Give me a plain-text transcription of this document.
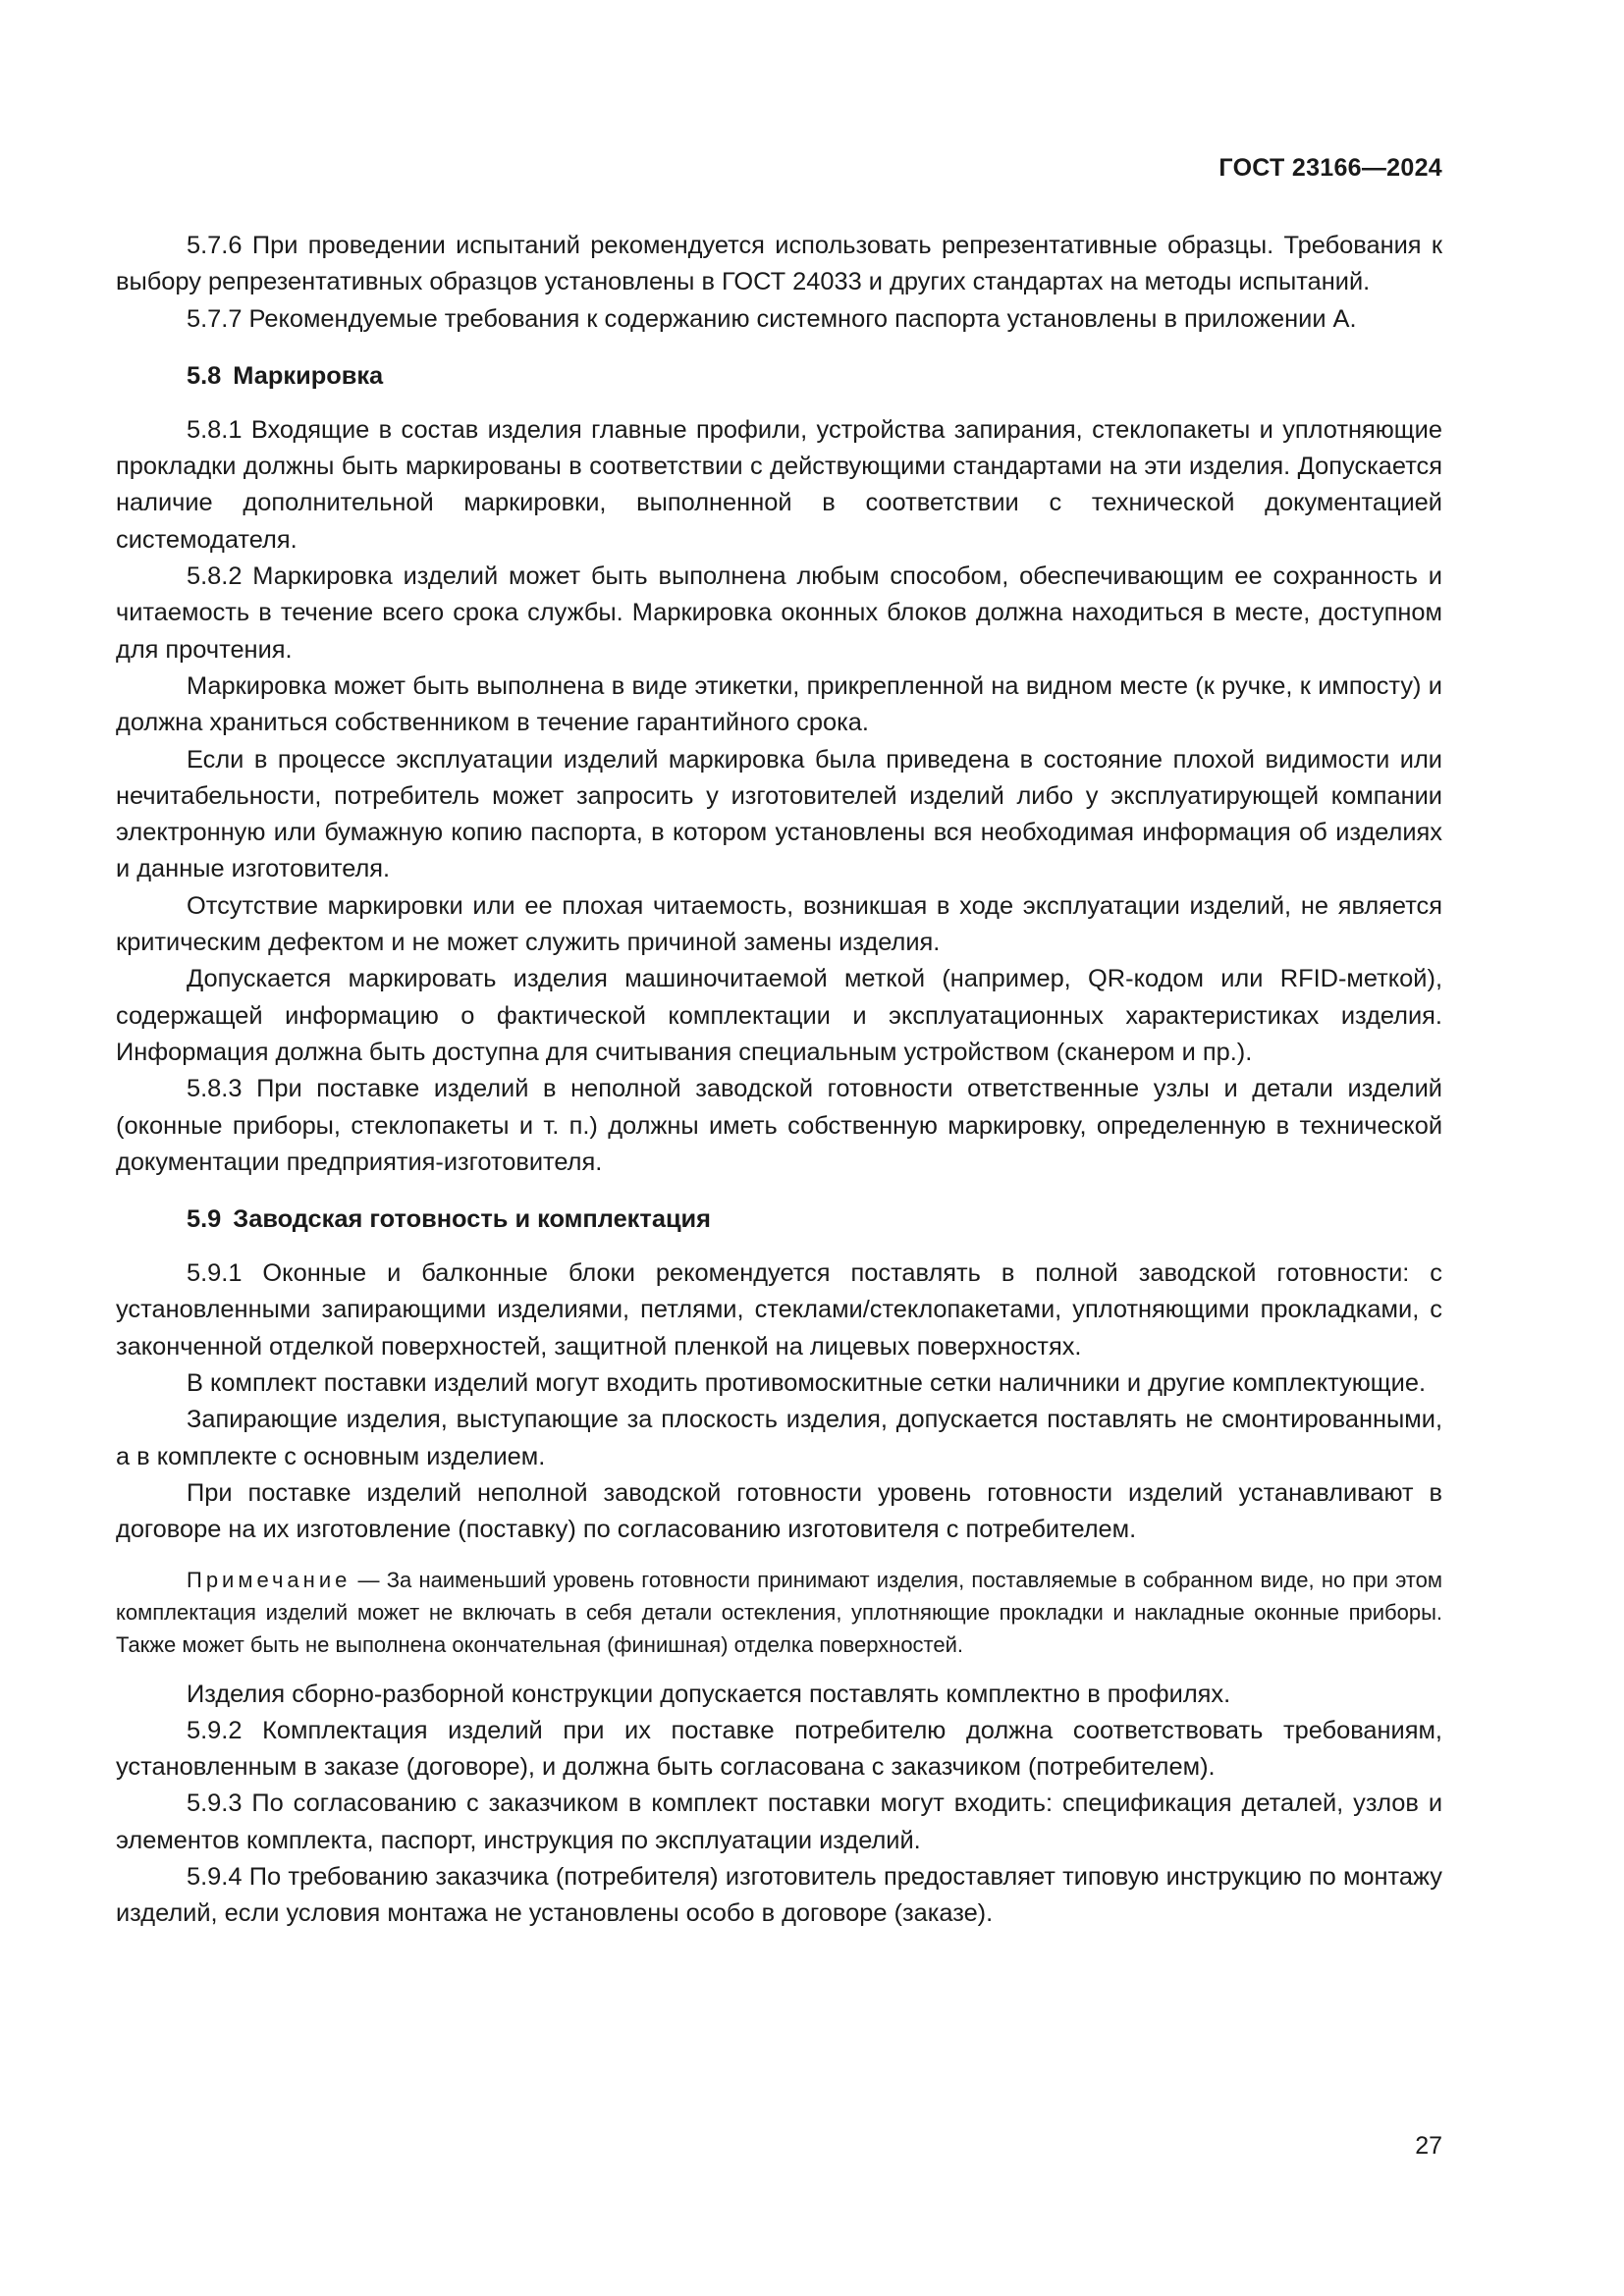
ГОСТ 23166—2024

5.7.6 При проведении испытаний рекомендуется использовать репрезентативные образцы. Требования к выбору репрезентативных образцов установлены в ГОСТ 24033 и других стандартах на методы испытаний.

5.7.7 Рекомендуемые требования к содержанию системного паспорта установлены в приложении А.

5.8 Маркировка

5.8.1 Входящие в состав изделия главные профили, устройства запирания, стеклопакеты и уплотняющие прокладки должны быть маркированы в соответствии с действующими стандартами на эти изделия. Допускается наличие дополнительной маркировки, выполненной в соответствии с технической документацией системодателя.

5.8.2 Маркировка изделий может быть выполнена любым способом, обеспечивающим ее сохранность и читаемость в течение всего срока службы. Маркировка оконных блоков должна находиться в месте, доступном для прочтения.

Маркировка может быть выполнена в виде этикетки, прикрепленной на видном месте (к ручке, к импосту) и должна храниться собственником в течение гарантийного срока.

Если в процессе эксплуатации изделий маркировка была приведена в состояние плохой видимости или нечитабельности, потребитель может запросить у изготовителей изделий либо у эксплуатирующей компании электронную или бумажную копию паспорта, в котором установлены вся необходимая информация об изделиях и данные изготовителя.

Отсутствие маркировки или ее плохая читаемость, возникшая в ходе эксплуатации изделий, не является критическим дефектом и не может служить причиной замены изделия.

Допускается маркировать изделия машиночитаемой меткой (например, QR-кодом или RFID-меткой), содержащей информацию о фактической комплектации и эксплуатационных характеристиках изделия. Информация должна быть доступна для считывания специальным устройством (сканером и пр.).

5.8.3 При поставке изделий в неполной заводской готовности ответственные узлы и детали изделий (оконные приборы, стеклопакеты и т. п.) должны иметь собственную маркировку, определенную в технической документации предприятия-изготовителя.

5.9 Заводская готовность и комплектация

5.9.1 Оконные и балконные блоки рекомендуется поставлять в полной заводской готовности: с установленными запирающими изделиями, петлями, стеклами/стеклопакетами, уплотняющими прокладками, с законченной отделкой поверхностей, защитной пленкой на лицевых поверхностях.

В комплект поставки изделий могут входить противомоскитные сетки наличники и другие комплектующие.

Запирающие изделия, выступающие за плоскость изделия, допускается поставлять не смонтированными, а в комплекте с основным изделием.

При поставке изделий неполной заводской готовности уровень готовности изделий устанавливают в договоре на их изготовление (поставку) по согласованию изготовителя с потребителем.

Примечание — За наименьший уровень готовности принимают изделия, поставляемые в собранном виде, но при этом комплектация изделий может не включать в себя детали остекления, уплотняющие прокладки и накладные оконные приборы. Также может быть не выполнена окончательная (финишная) отделка поверхностей.

Изделия сборно-разборной конструкции допускается поставлять комплектно в профилях.

5.9.2 Комплектация изделий при их поставке потребителю должна соответствовать требованиям, установленным в заказе (договоре), и должна быть согласована с заказчиком (потребителем).

5.9.3 По согласованию с заказчиком в комплект поставки могут входить: спецификация деталей, узлов и элементов комплекта, паспорт, инструкция по эксплуатации изделий.

5.9.4 По требованию заказчика (потребителя) изготовитель предоставляет типовую инструкцию по монтажу изделий, если условия монтажа не установлены особо в договоре (заказе).

27
